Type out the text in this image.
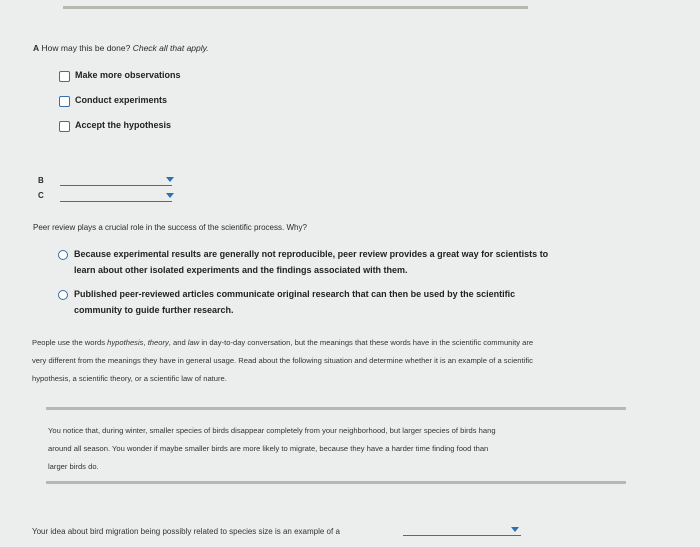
A How may this be done? Check all that apply.
Make more observations
Conduct experiments
Accept the hypothesis
B
C
Peer review plays a crucial role in the success of the scientific process. Why?
Because experimental results are generally not reproducible, peer review provides a great way for scientists to
learn about other isolated experiments and the findings associated with them.
Published peer-reviewed articles communicate original research that can then be used by the scientific
community to guide further research.
People use the words hypothesis, theory, and law in day-to-day conversation, but the meanings that these words have in the scientific community are
very different from the meanings they have in general usage. Read about the following situation and determine whether it is an example of a scientific
hypothesis, a scientific theory, or a scientific law of nature.
You notice that, during winter, smaller species of birds disappear completely from your neighborhood, but larger species of birds hang
around all season. You wonder if maybe smaller birds are more likely to migrate, because they have a harder time finding food than
larger birds do.
Your idea about bird migration being possibly related to species size is an example of a
